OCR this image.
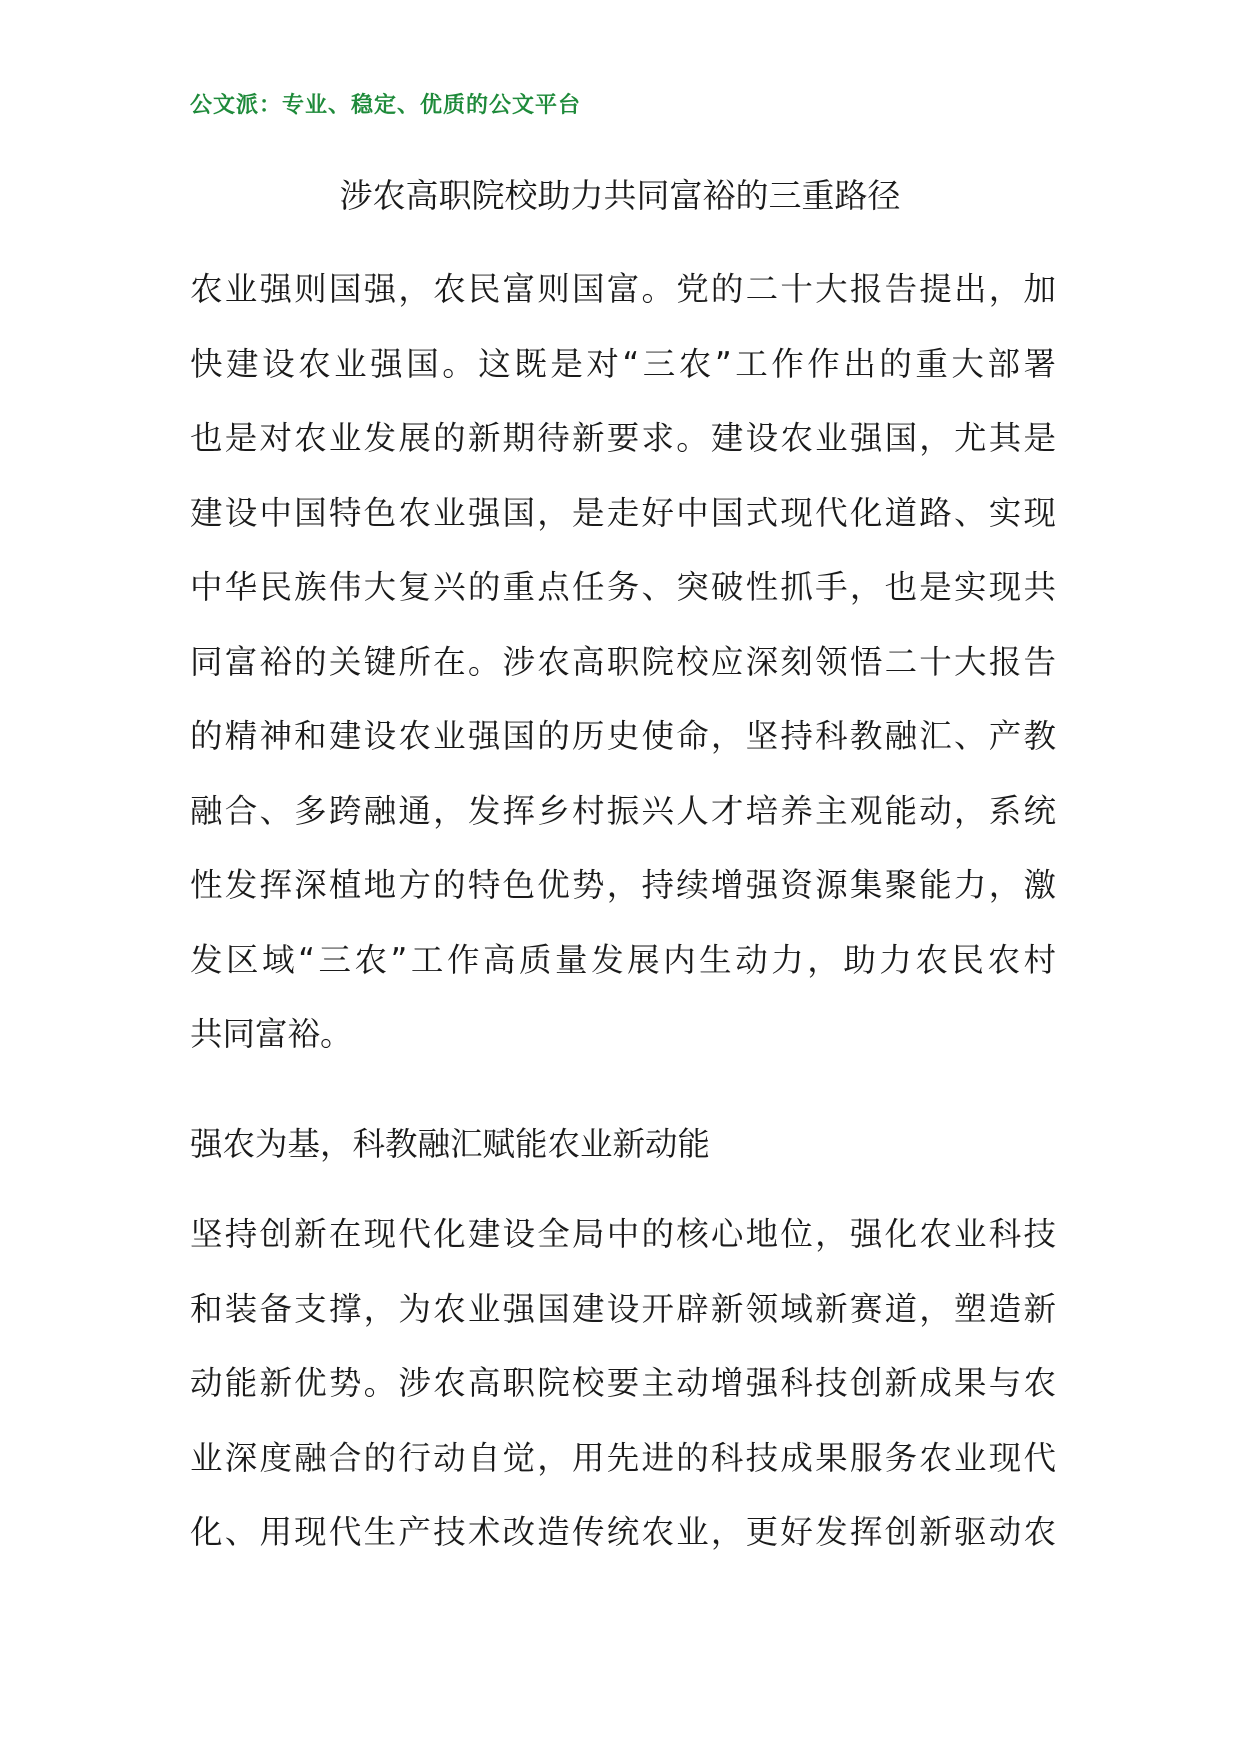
公文派：专业、稳定、优质的公文平台
涉农高职院校助力共同富裕的三重路径
农业强则国强，农民富则国富。党的二十大报告提出，加
快建设农业强国。这既是对“三农”工作作出的重大部署
也是对农业发展的新期待新要求。建设农业强国，尤其是
建设中国特色农业强国，是走好中国式现代化道路、实现
中华民族伟大复兴的重点任务、突破性抓手，也是实现共
同富裕的关键所在。涉农高职院校应深刻领悟二十大报告
的精神和建设农业强国的历史使命，坚持科教融汇、产教
融合、多跨融通，发挥乡村振兴人才培养主观能动，系统
性发挥深植地方的特色优势，持续增强资源集聚能力，激
发区域“三农”工作高质量发展内生动力，助力农民农村
共同富裕。
强农为基，科教融汇赋能农业新动能
坚持创新在现代化建设全局中的核心地位，强化农业科技
和装备支撑，为农业强国建设开辟新领域新赛道，塑造新
动能新优势。涉农高职院校要主动增强科技创新成果与农
业深度融合的行动自觉，用先进的科技成果服务农业现代
化、用现代生产技术改造传统农业，更好发挥创新驱动农
